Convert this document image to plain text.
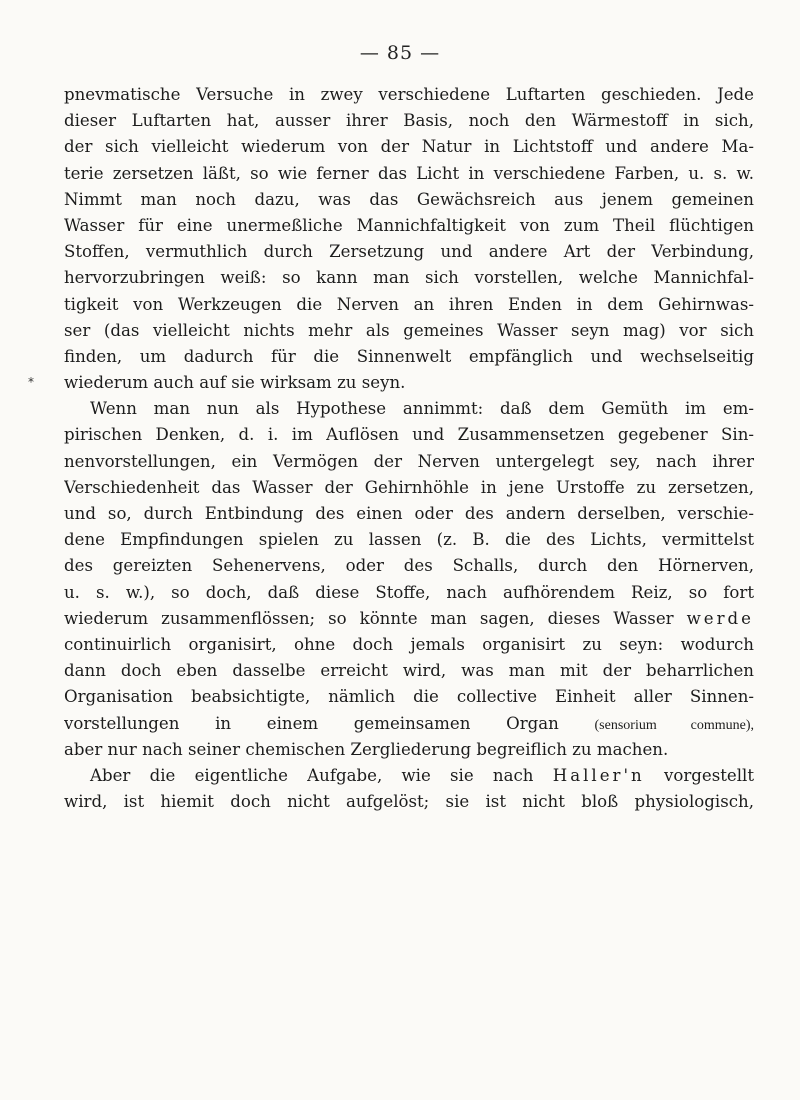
— 85 —
*
pnevmatische Versuche in zwey verschiedene Luftarten geschieden. Jede
dieser Luftarten hat, ausser ihrer Basis, noch den Wärmestoff in sich,
der sich vielleicht wiederum von der Natur in Lichtstoff und andere Ma-
terie zersetzen läßt, so wie ferner das Licht in verschiedene Farben, u. s. w.
Nimmt man noch dazu, was das Gewächsreich aus jenem gemeinen
Wasser für eine unermeßliche Mannichfaltigkeit von zum Theil flüchtigen
Stoffen, vermuthlich durch Zersetzung und andere Art der Verbindung,
hervorzubringen weiß: so kann man sich vorstellen, welche Mannichfal-
tigkeit von Werkzeugen die Nerven an ihren Enden in dem Gehirnwas-
ser (das vielleicht nichts mehr als gemeines Wasser seyn mag) vor sich
finden, um dadurch für die Sinnenwelt empfänglich und wechselseitig
wiederum auch auf sie wirksam zu seyn.
Wenn man nun als Hypothese annimmt: daß dem Gemüth im em-
pirischen Denken, d. i. im Auflösen und Zusammensetzen gegebener Sin-
nenvorstellungen, ein Vermögen der Nerven untergelegt sey, nach ihrer
Verschiedenheit das Wasser der Gehirnhöhle in jene Urstoffe zu zersetzen,
und so, durch Entbindung des einen oder des andern derselben, verschie-
dene Empfindungen spielen zu lassen (z. B. die des Lichts, vermittelst
des gereizten Sehenervens, oder des Schalls, durch den Hörnerven,
u. s. w.), so doch, daß diese Stoffe, nach aufhörendem Reiz, so fort
wiederum zusammenflössen; so könnte man sagen, dieses Wasser werde
continuirlich organisirt, ohne doch jemals organisirt zu seyn: wodurch
dann doch eben dasselbe erreicht wird, was man mit der beharrlichen
Organisation beabsichtigte, nämlich die collective Einheit aller Sinnen-
vorstellungen in einem gemeinsamen Organ	(sensorium commune),
aber nur nach seiner chemischen Zergliederung begreiflich zu machen.
Aber die eigentliche Aufgabe, wie sie nach Haller'n vorgestellt
wird, ist hiemit doch nicht aufgelöst; sie ist nicht bloß physiologisch,
